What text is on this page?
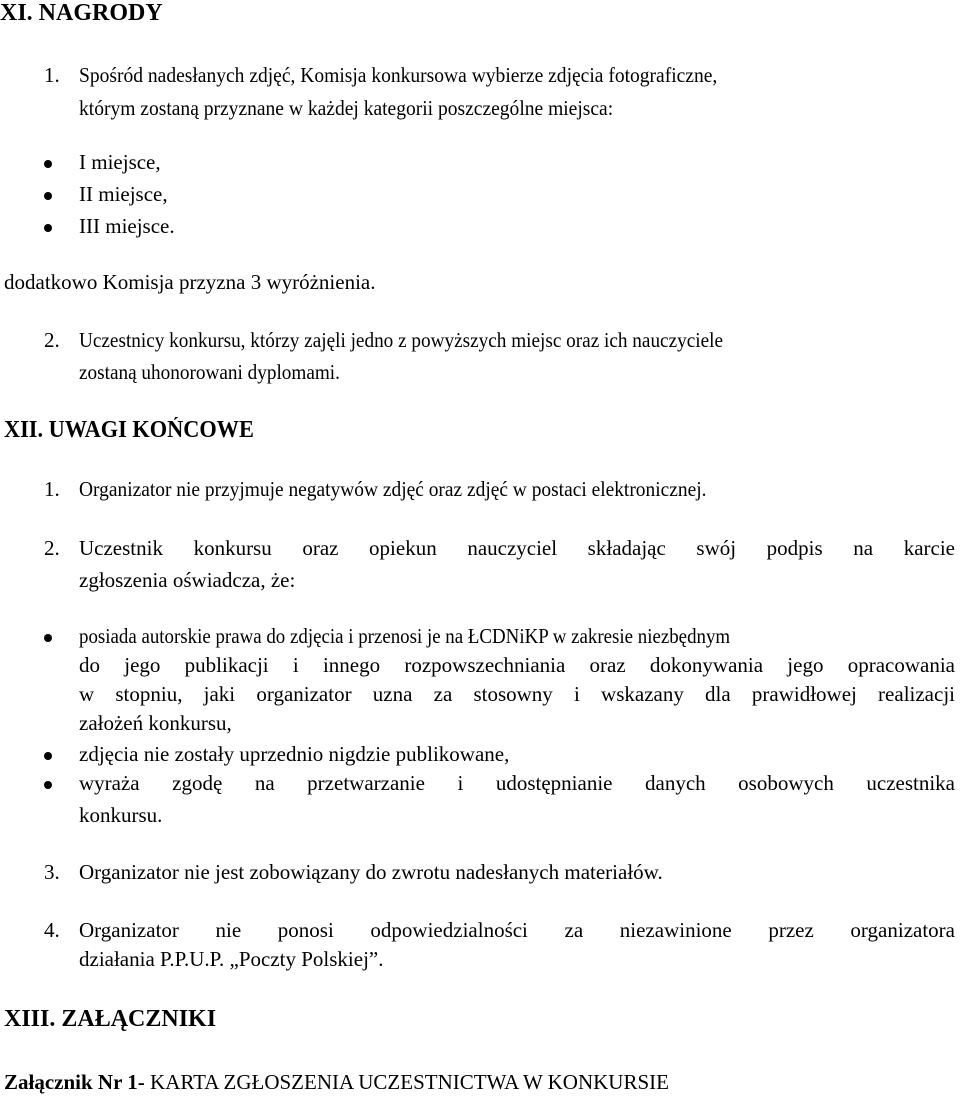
XI. NAGRODY
1. Spośród nadesłanych zdjęć, Komisja konkursowa wybierze zdjęcia fotograficzne,
którym zostaną przyznane w każdej kategorii poszczególne miejsca:
I miejsce,
II miejsce,
III miejsce.
dodatkowo Komisja przyzna 3 wyróżnienia.
2. Uczestnicy konkursu, którzy zajęli jedno z powyższych miejsc oraz ich nauczyciele
zostaną uhonorowani dyplomami.
XII. UWAGI KOŃCOWE
1. Organizator nie przyjmuje negatywów zdjęć oraz zdjęć w postaci elektronicznej.
2. Uczestnik konkursu oraz opiekun nauczyciel składając swój podpis na karcie
zgłoszenia oświadcza, że:
posiada autorskie prawa do zdjęcia i przenosi je na ŁCDNiKP w zakresie niezbędnym
do jego publikacji i innego rozpowszechniania oraz dokonywania jego opracowania
w stopniu, jaki organizator uzna za stosowny i wskazany dla prawidłowej realizacji
założeń konkursu,
zdjęcia nie zostały uprzednio nigdzie publikowane,
wyraża zgodę na przetwarzanie i udostępnianie danych osobowych uczestnika
konkursu.
3. Organizator nie jest zobowiązany do zwrotu nadesłanych materiałów.
4. Organizator nie ponosi odpowiedzialności za niezawinione przez organizatora
działania P.P.U.P. „Poczty Polskiej”.
XIII. ZAŁĄCZNIKI
Załącznik Nr 1- KARTA ZGŁOSZENIA UCZESTNICTWA W KONKURSIE
